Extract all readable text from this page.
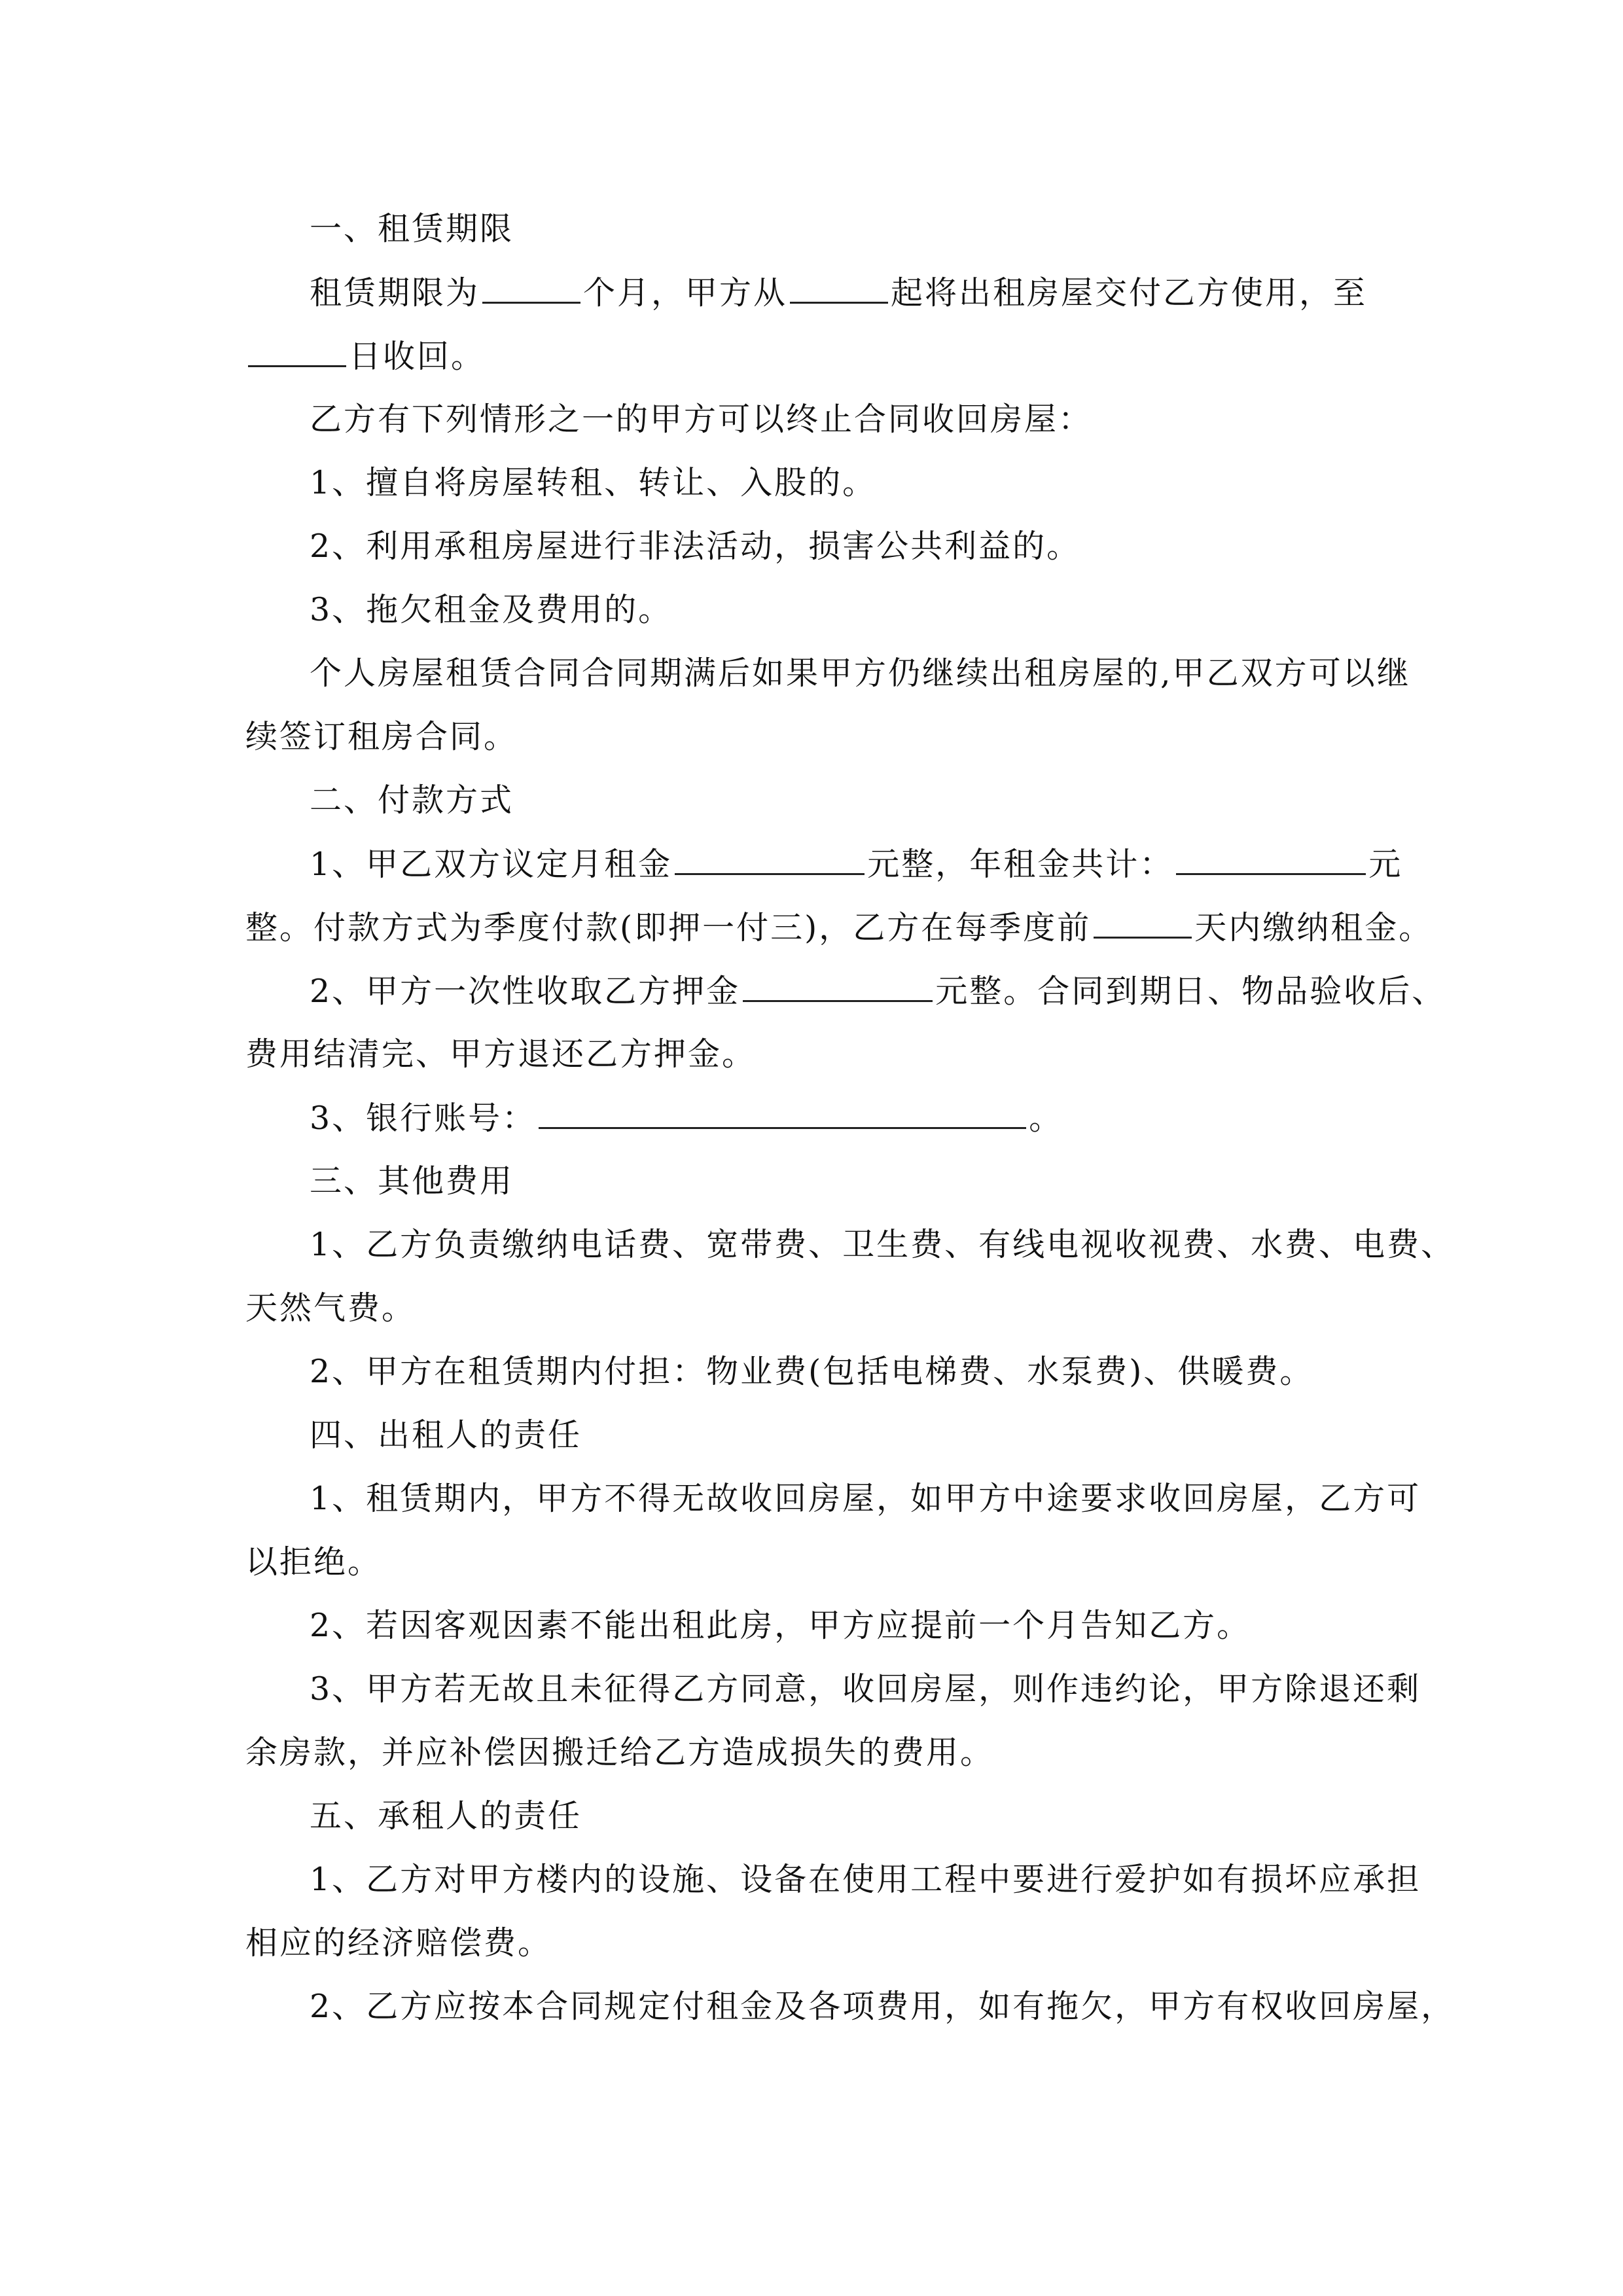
一、租赁期限
租赁期限为	个月，甲方从	起将出租房屋交付乙方使用，至
日收回。
乙方有下列情形之一的甲方可以终止合同收回房屋：
1、擅自将房屋转租、转让、入股的。
2、利用承租房屋进行非法活动，损害公共利益的。
3、拖欠租金及费用的。
个人房屋租赁合同合同期满后如果甲方仍继续出租房屋的,甲乙双方可以继
续签订租房合同。
二、付款方式
1、甲乙双方议定月租金	元整，年租金共计：	元
整。付款方式为季度付款(即押一付三)，乙方在每季度前	天内缴纳租金。
2、甲方一次性收取乙方押金	元整。合同到期日、物品验收后、
费用结清完、甲方退还乙方押金。
3、银行账号：	。
三、其他费用
1、乙方负责缴纳电话费、宽带费、卫生费、有线电视收视费、水费、电费、
天然气费。
2、甲方在租赁期内付担：物业费(包括电梯费、水泵费)、供暖费。
四、出租人的责任
1、租赁期内，甲方不得无故收回房屋，如甲方中途要求收回房屋，乙方可
以拒绝。
2、若因客观因素不能出租此房，甲方应提前一个月告知乙方。
3、甲方若无故且未征得乙方同意，收回房屋，则作违约论，甲方除退还剩
余房款，并应补偿因搬迁给乙方造成损失的费用。
五、承租人的责任
1、乙方对甲方楼内的设施、设备在使用工程中要进行爱护如有损坏应承担
相应的经济赔偿费。
2、乙方应按本合同规定付租金及各项费用，如有拖欠，甲方有权收回房屋，
